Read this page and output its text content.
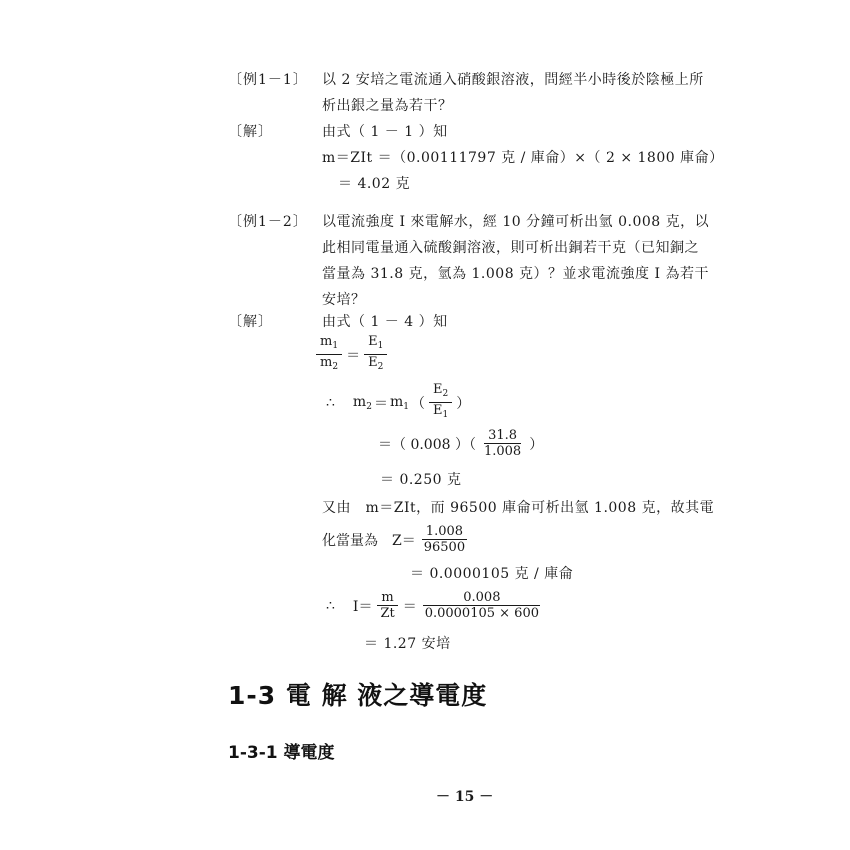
〔例1－1〕 以 2 安培之電流通入硝酸銀溶液，問經半小時後於陰極上所
析出銀之量為若干？
〔解〕	由式（ 1 － 1 ）知
m＝ZIt ＝（0.00111797 克 / 庫侖）×（ 2 × 1800 庫侖）
＝ 4.02 克
〔例1－2〕 以電流強度 I 來電解水，經 10 分鐘可析出氫 0.008 克，以
此相同電量通入硫酸銅溶液，則可析出銅若干克（已知銅之
當量為 31.8 克，氫為 1.008 克）？並求電流強度 I 為若干
安培？
〔解〕	由式（ 1 － 4 ）知
$\frac{m_1}{m_2} = \frac{E_1}{E_2}$
∴ $m_2 = m_1$ （ $\frac{E_2}{E_1}$ ）
＝（ 0.008 ）（ $\frac{31.8}{1.008}$ ）
＝ 0.250 克
又由　m＝ZIt，而 96500 庫侖可析出氫 1.008 克，故其電
化當量為　$Z= \frac{1.008}{96500}$
＝ 0.0000105 克 / 庫侖
∴ $I= \frac{m}{Zt} = \frac{0.008}{0.0000105 \times 600}$
＝ 1.27 安培
1-3 電 解 液之導電度
1-3-1 導電度
－ 15 －
